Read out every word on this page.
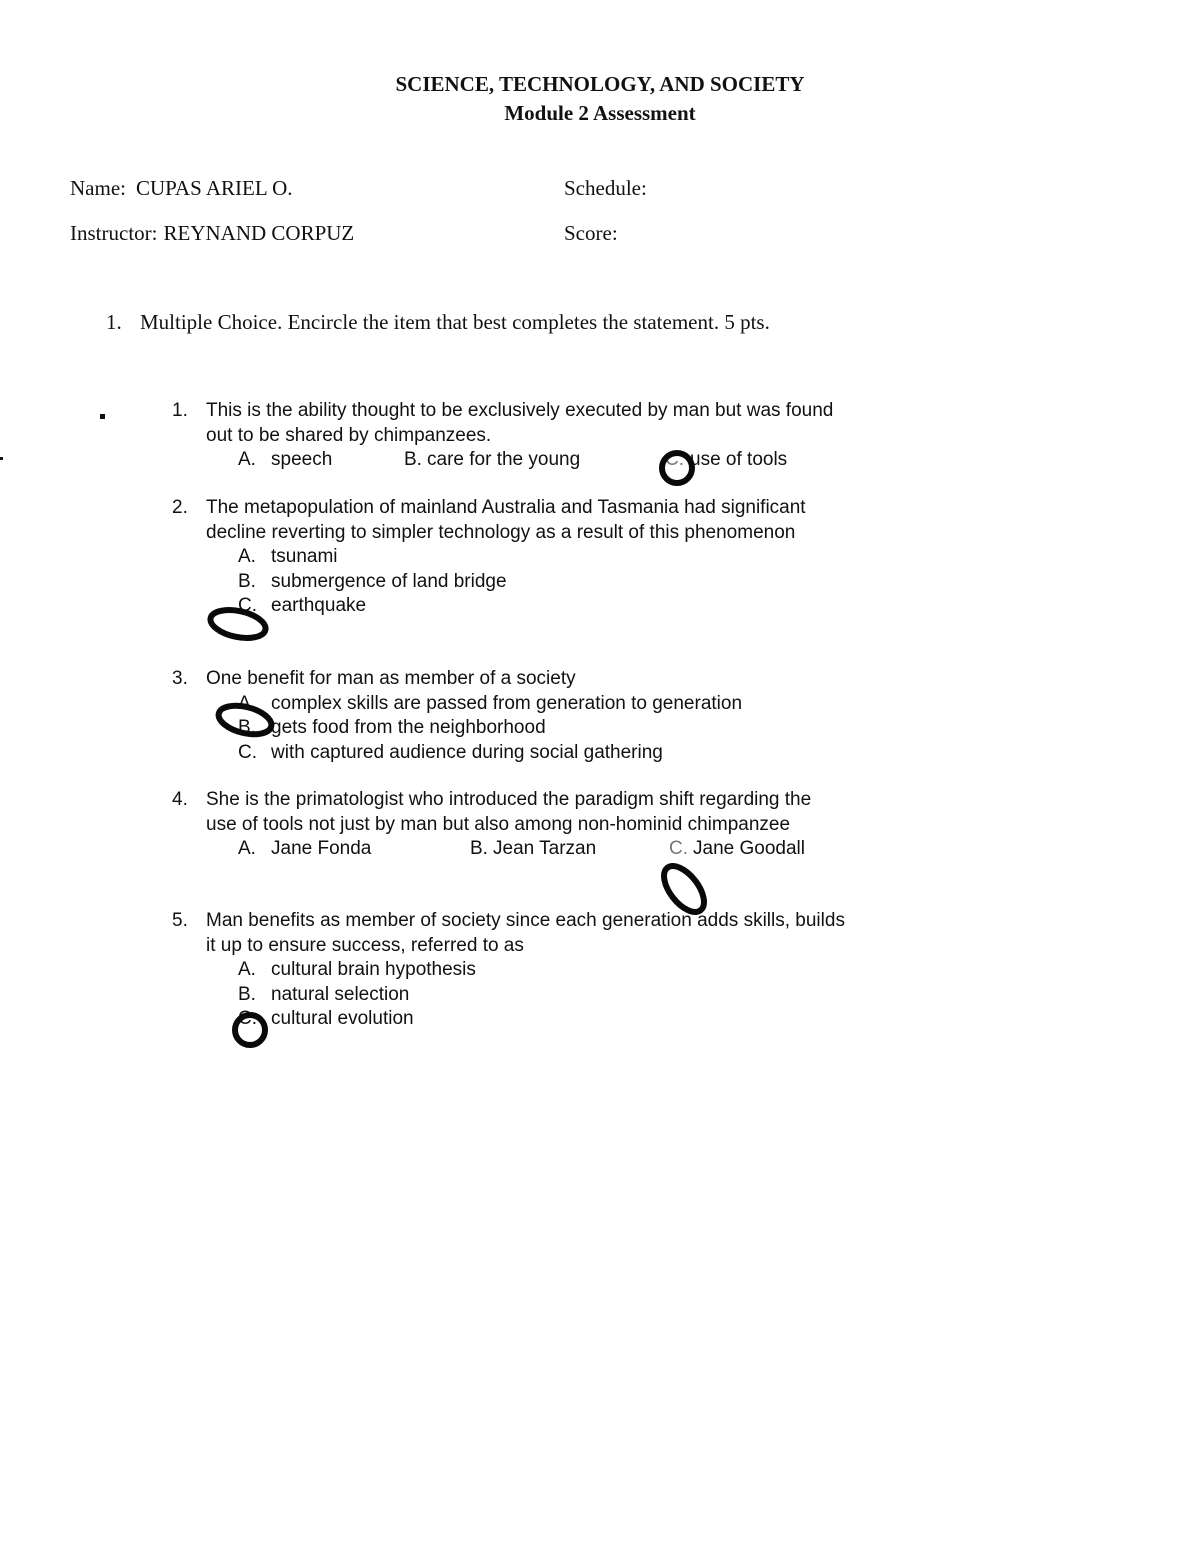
SCIENCE, TECHNOLOGY, AND SOCIETY
Module 2 Assessment
Name: CUPAS ARIEL O.	Schedule:
Instructor: REYNAND CORPUZ	Score:
1. Multiple Choice. Encircle the item that best completes the statement. 5 pts.
1. This is the ability thought to be exclusively executed by man but was found out to be shared by chimpanzees.
A. speech	B. care for the young	C. use of tools
2. The metapopulation of mainland Australia and Tasmania had significant decline reverting to simpler technology as a result of this phenomenon
A. tsunami
B. submergence of land bridge
C. earthquake
3. One benefit for man as member of a society
A. complex skills are passed from generation to generation
B. gets food from the neighborhood
C. with captured audience during social gathering
4. She is the primatologist who introduced the paradigm shift regarding the use of tools not just by man but also among non-hominid chimpanzee
A. Jane Fonda	B. Jean Tarzan	C. Jane Goodall
5. Man benefits as member of society since each generation adds skills, builds it up to ensure success, referred to as
A. cultural brain hypothesis
B. natural selection
C. cultural evolution
